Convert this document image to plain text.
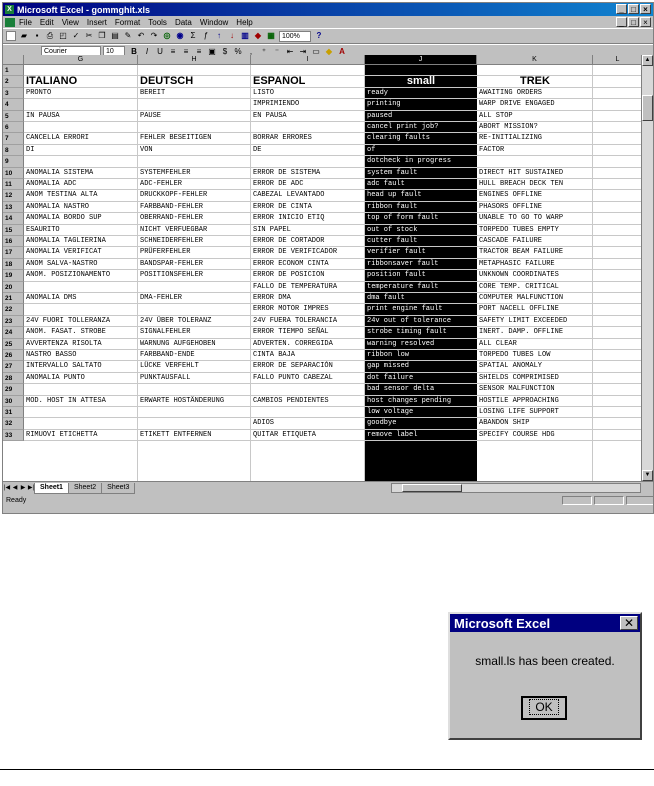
X Microsoft Excel - gommghit.xls	_ □ ×
File Edit View Insert Format Tools Data Window Help	_ □ ×
▰	▪	⎙ ◰ ✓ ✂ ❐ ▤ ✎ ↶ ↷ ◎ ◉ Σ	ƒ	↑	↓ ▥ ◆ ▦	100%	?
Courier	10	B	I	U ≡	≡	≡ ▣ $ %	,	⁺	⁻ ⇤ ⇥ ▭ ◆ A
G	H	I	J	K	L
1
2
3	PRONTO	BEREIT	LISTO	ready	AWAITING ORDERS
4	IMPRIMIENDO	printing	WARP DRIVE ENGAGED
5	IN PAUSA	PAUSE	EN PAUSA	paused	ALL STOP
6	cancel print job?	ABORT MISSION?
7	CANCELLA ERRORI	FEHLER BESEITIGEN	BORRAR ERRORES	clearing faults	RE-INITIALIZING
8	DI	VON	DE	of	FACTOR
9	dotcheck in progress
10	ANOMALIA SISTEMA	SYSTEMFEHLER	ERROR DE SISTEMA	system fault	DIRECT HIT SUSTAINED
11	ANOMALIA ADC	ADC-FEHLER	ERROR DE ADC	adc fault	HULL BREACH DECK TEN
12	ANOM TESTINA ALTA	DRUCKKOPF-FEHLER	CABEZAL LEVANTADO	head up fault	ENGINES OFFLINE
13	ANOMALIA NASTRO	FARBBAND-FEHLER	ERROR DE CINTA	ribbon fault	PHASORS OFFLINE
14	ANOMALIA BORDO SUP	OBERRAND-FEHLER	ERROR INICIO ETIQ	top of form fault	UNABLE TO GO TO WARP
15	ESAURITO	NICHT VERFUEGBAR	SIN PAPEL	out of stock	TORPEDO TUBES EMPTY
16	ANOMALIA TAGLIERINA	SCHNEIDERFEHLER	ERROR DE CORTADOR	cutter fault	CASCADE FAILURE
17	ANOMALIA VERIFICAT	PRÜFERFEHLER	ERROR DE VERIFICADOR	verifier fault	TRACTOR BEAM FAILURE
18	ANOM SALVA-NASTRO	BANDSPAR-FEHLER	ERROR ECONOM CINTA	ribbonsaver fault	METAPHASIC FAILURE
19	ANOM. POSIZIONAMENTO	POSITIONSFEHLER	ERROR DE POSICION	position fault	UNKNOWN COORDINATES
20	FALLO DE TEMPERATURA	temperature fault	CORE TEMP. CRITICAL
21	ANOMALIA DMS	DMA-FEHLER	ERROR DMA	dma fault	COMPUTER MALFUNCTION
22	ERROR MOTOR IMPRES	print engine fault	PORT NACELL OFFLINE
23	24V FUORI TOLLERANZA	24V ÜBER TOLERANZ	24V FUERA TOLERANCIA	24v out of tolerance	SAFETY LIMIT EXCEEDED
24	ANOM. FASAT. STROBE	SIGNALFEHLER	ERROR TIEMPO SEÑAL	strobe timing fault	INERT. DAMP. OFFLINE
25	AVVERTENZA RISOLTA	WARNUNG AUFGEHOBEN	ADVERTEN. CORREGIDA	warning resolved	ALL CLEAR
26	NASTRO BASSO	FARBBAND-ENDE	CINTA BAJA	ribbon low	TORPEDO TUBES LOW
27	INTERVALLO SALTATO	LÜCKE VERFEHLT	ERROR DE SEPARACIÓN	gap missed	SPATIAL ANOMALY
28	ANOMALIA PUNTO	PUNKTAUSFALL	FALLO PUNTO CABEZAL	dot failure	SHIELDS COMPRIMISED
29	bad sensor delta	SENSOR MALFUNCTION
30	MOD. HOST IN ATTESA	ERWARTE HOSTÄNDERUNG	CAMBIOS PENDIENTES	host changes pending	HOSTILE APPROACHING
31	low voltage	LOSING LIFE SUPPORT
32	ADIOS	goodbye	ABANDON SHIP
33	RIMUOVI ETICHETTA	ETIKETT ENTFERNEN	QUITAR ETIQUETA	remove label	SPECIFY COURSE HDG
ITALIANO	DEUTSCH	ESPAÑOL	small	TREK
▲
▼
|◀ ◀ ▶ ▶| Sheet1	Sheet2	Sheet3
Ready
Microsoft Excel	✕
small.ls has been created.
OK
